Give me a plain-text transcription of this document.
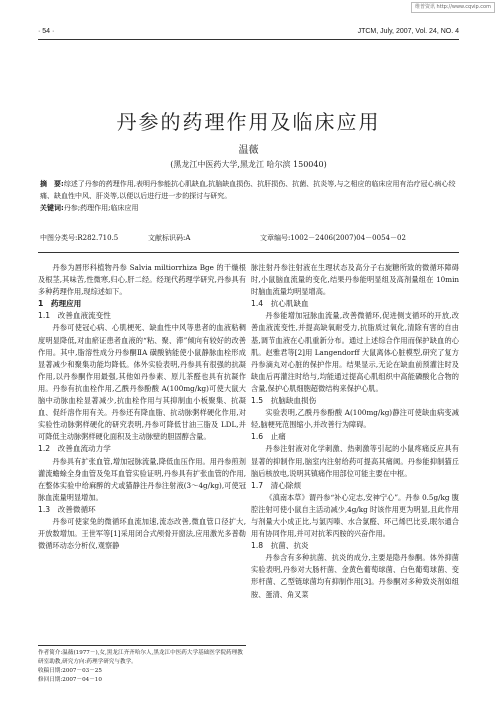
维普资讯 http://www.cqvip.com
· 54 ·	JTCM, July, 2007, Vol. 24, NO. 4
丹参的药理作用及临床应用
温薇
(黑龙江中医药大学,黑龙江 哈尔滨 150040)
摘　要:综述了丹参的药理作用,表明丹参能抗心肌缺血,抗脑缺血损伤、抗肝损伤、抗菌、抗炎等,与之相应的临床应用有治疗冠心病心绞痛、缺血性中风、肝炎等,以便以后进行进一步的探讨与研究。
关键词:丹参;药理作用;临床应用
中图分类号:R282.710.5	文献标识码:A	文章编号:1002－2406(2007)04－0054－02

丹参为唇形科植物丹参 Salvia miltiorrhiza Bge 的干燥根及根茎,其味苦,性微寒,归心,肝二经。经现代药理学研究,丹参具有多种药理作用,现综述如下。

1　药理应用
1.1　改善血液流变性

丹参可使冠心病、心肌梗死、缺血性中风等患者的血液粘稠度明显降低,对血瘀证患者血液的“粘、聚、滞”倾向有较好的改善作用。其中,脂溶性成分丹参酮ⅡA 磺酸钠能使小鼠静脉血栓形成显著减少和聚集功能均降低。体外实验表明,丹参具有很强的抗凝作用,以丹参酮作用最强,其他如丹参素、原儿茶醛也具有抗凝作用。丹参有抗血栓作用,乙酰丹参酚酸 A(100mg/kg)可使大鼠大脑中动脉血栓显著减少,抗血栓作用与其抑制血小板聚集、抗凝血、促纤溶作用有关。丹参还有降血脂、抗动脉粥样硬化作用,对实验性动脉粥样硬化的研究表明,丹参可降低甘油三脂及 LDL,并可降低主动脉粥样硬化面积及主动脉壁的胆固醇含量。

1.2　改善血流动力学

丹参具有扩张血管,增加冠脉流量,降低血压作用。用丹参煎剂灌流蟾蜍全身血管及兔耳血管实验证明,丹参具有扩张血管的作用,在整体实验中给麻醉的犬或猫静注丹参注射液(3～4g/kg),可使冠脉血流量明显增加。

1.3　改善微循环

丹参可使家兔的微循环血流加速,流态改善,微血管口径扩大,开放数增加。王世军等[1]采用闭合式颅骨开窗法,应用激光多普勒微循环动态分析仪,观察静

作者简介:温薇(1977－),女,黑龙江齐齐哈尔人,黑龙江中医药大学基础医学院药理教研室助教,研究方向:药理学研究与教学。
收稿日期:2007－03－25
修回日期:2007－04－10

脉注射丹参注射液在生理状态及高分子右旋糖所致的微循环障碍时,小鼠脑血流量的变化,结果丹参能明显组及高剂量组在 10min 时脑血流量均明显增高。

1.4　抗心肌缺血

丹参能增加冠脉血流量,改善微循环,促进侧支循环的开放,改善血液流变性,并提高缺氧耐受力,抗脂质过氧化,清除有害的自由基,调节血液在心肌重新分布。通过上述综合作用而保护缺血的心肌。赵雅君等[2]用 Langendorff 大鼠离体心脏模型,研究了复方丹参滴丸对心脏的保护作用。结果显示,无论在缺血前预灌注时及缺血后再灌注时给与,均能通过提高心肌组织中高能磷酸化合物的含量,保护心肌细胞超微结构来保护心肌。

1.5　抗脑缺血损伤

实验表明,乙酰丹参酚酸 A(100mg/kg)静注可使缺血病变减轻,脑梗死范围缩小,并改善行为障碍。

1.6　止痛

丹参注射液对化学刺激、热刺激等引起的小鼠疼痛反应具有显著的抑制作用,脑室内注射给药可提高其痛阈。丹参能抑制猫丘脑后核放电,说明其镇痛作用部位可能主要在中枢。

1.7　清心除烦

《滇南本草》谓丹参“补心定志,安神宁心”。丹参 0.5g/kg 腹腔注射可使小鼠自主活动减少,4g/kg 时该作用更为明显,且此作用与剂量大小成正比,与氯丙嗪、水合氯醛、环己烯巴比妥,眠尔通合用有协同作用,并可对抗苯丙胺的兴奋作用。

1.8　抗菌、抗炎

丹参含有多种抗菌、抗炎的成分,主要是隐丹参酮。体外抑菌实验表明,丹参对大肠杆菌、金黄色葡萄球菌、白色葡萄球菌、变形杆菌、乙型链球菌均有抑制作用[3]。丹参酮对多种致炎剂如组胺、蛋清、角叉菜
